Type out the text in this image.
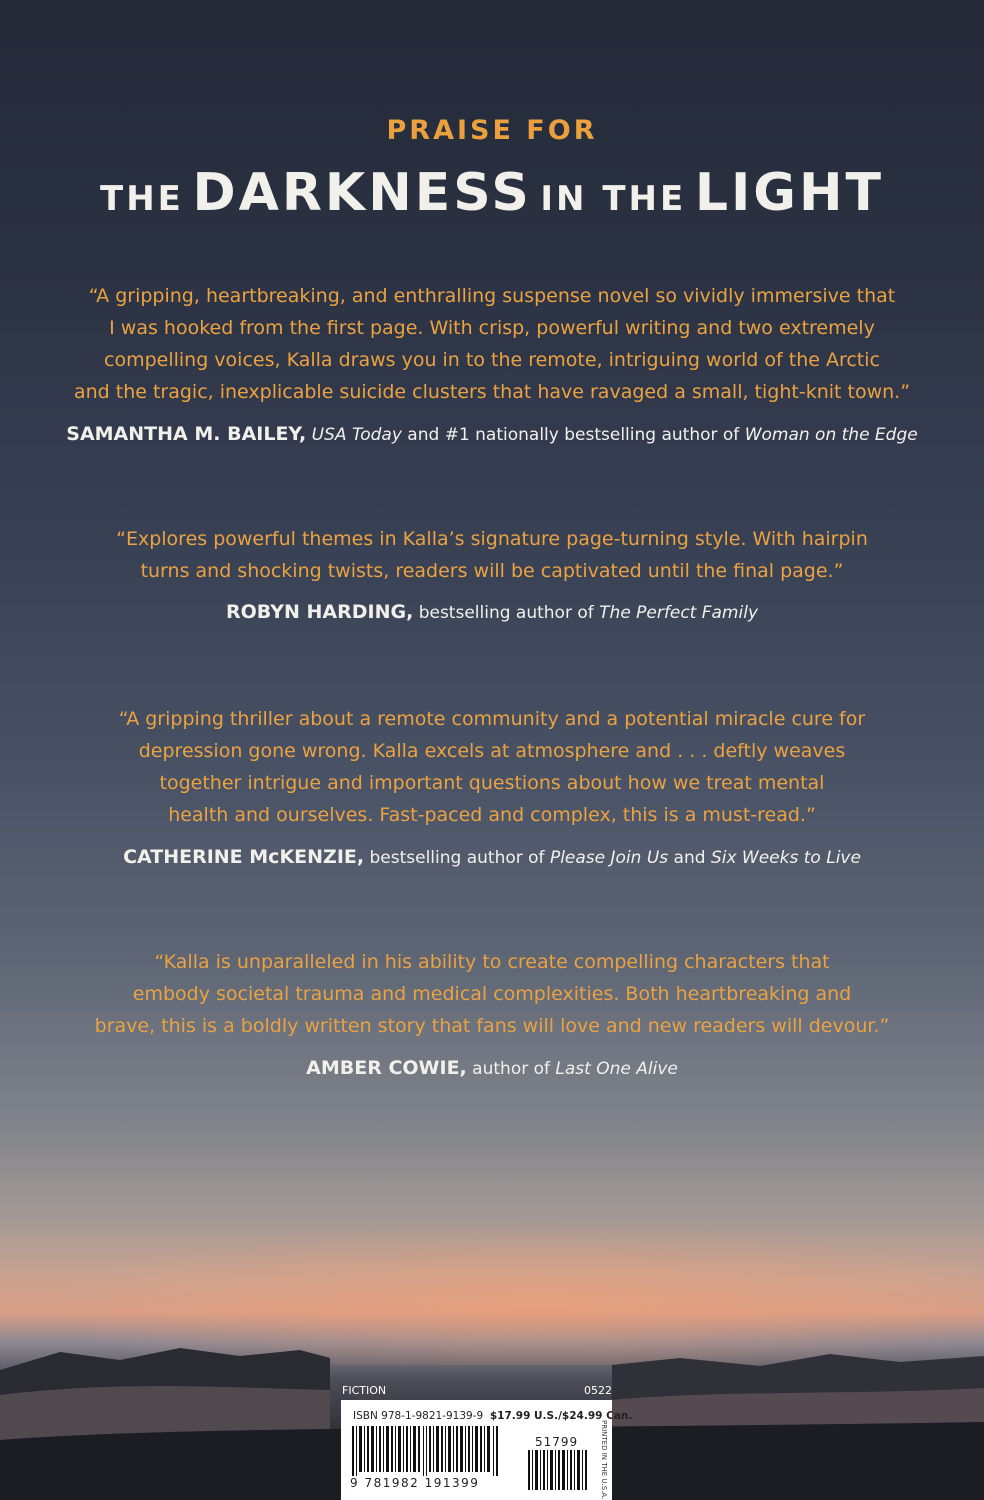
PRAISE FOR
THE DARKNESS IN THE LIGHT
“A gripping, heartbreaking, and enthralling suspense novel so vividly immersive that
I was hooked from the first page. With crisp, powerful writing and two extremely
compelling voices, Kalla draws you in to the remote, intriguing world of the Arctic
and the tragic, inexplicable suicide clusters that have ravaged a small, tight-knit town.”
SAMANTHA M. BAILEY, USA Today and #1 nationally bestselling author of Woman on the Edge
“Explores powerful themes in Kalla’s signature page-turning style. With hairpin
turns and shocking twists, readers will be captivated until the final page.”
ROBYN HARDING, bestselling author of The Perfect Family
“A gripping thriller about a remote community and a potential miracle cure for
depression gone wrong. Kalla excels at atmosphere and . . . deftly weaves
together intrigue and important questions about how we treat mental
health and ourselves. Fast-paced and complex, this is a must-read.”
CATHERINE McKENZIE, bestselling author of Please Join Us and Six Weeks to Live
“Kalla is unparalleled in his ability to create compelling characters that
embody societal trauma and medical complexities. Both heartbreaking and
brave, this is a boldly written story that fans will love and new readers will devour.”
AMBER COWIE, author of Last One Alive
FICTION	0522
ISBN 978-1-9821-9139-9 $17.99 U.S./$24.99 Can.
51799
9 781982 191399	PRINTED IN THE U.S.A.
